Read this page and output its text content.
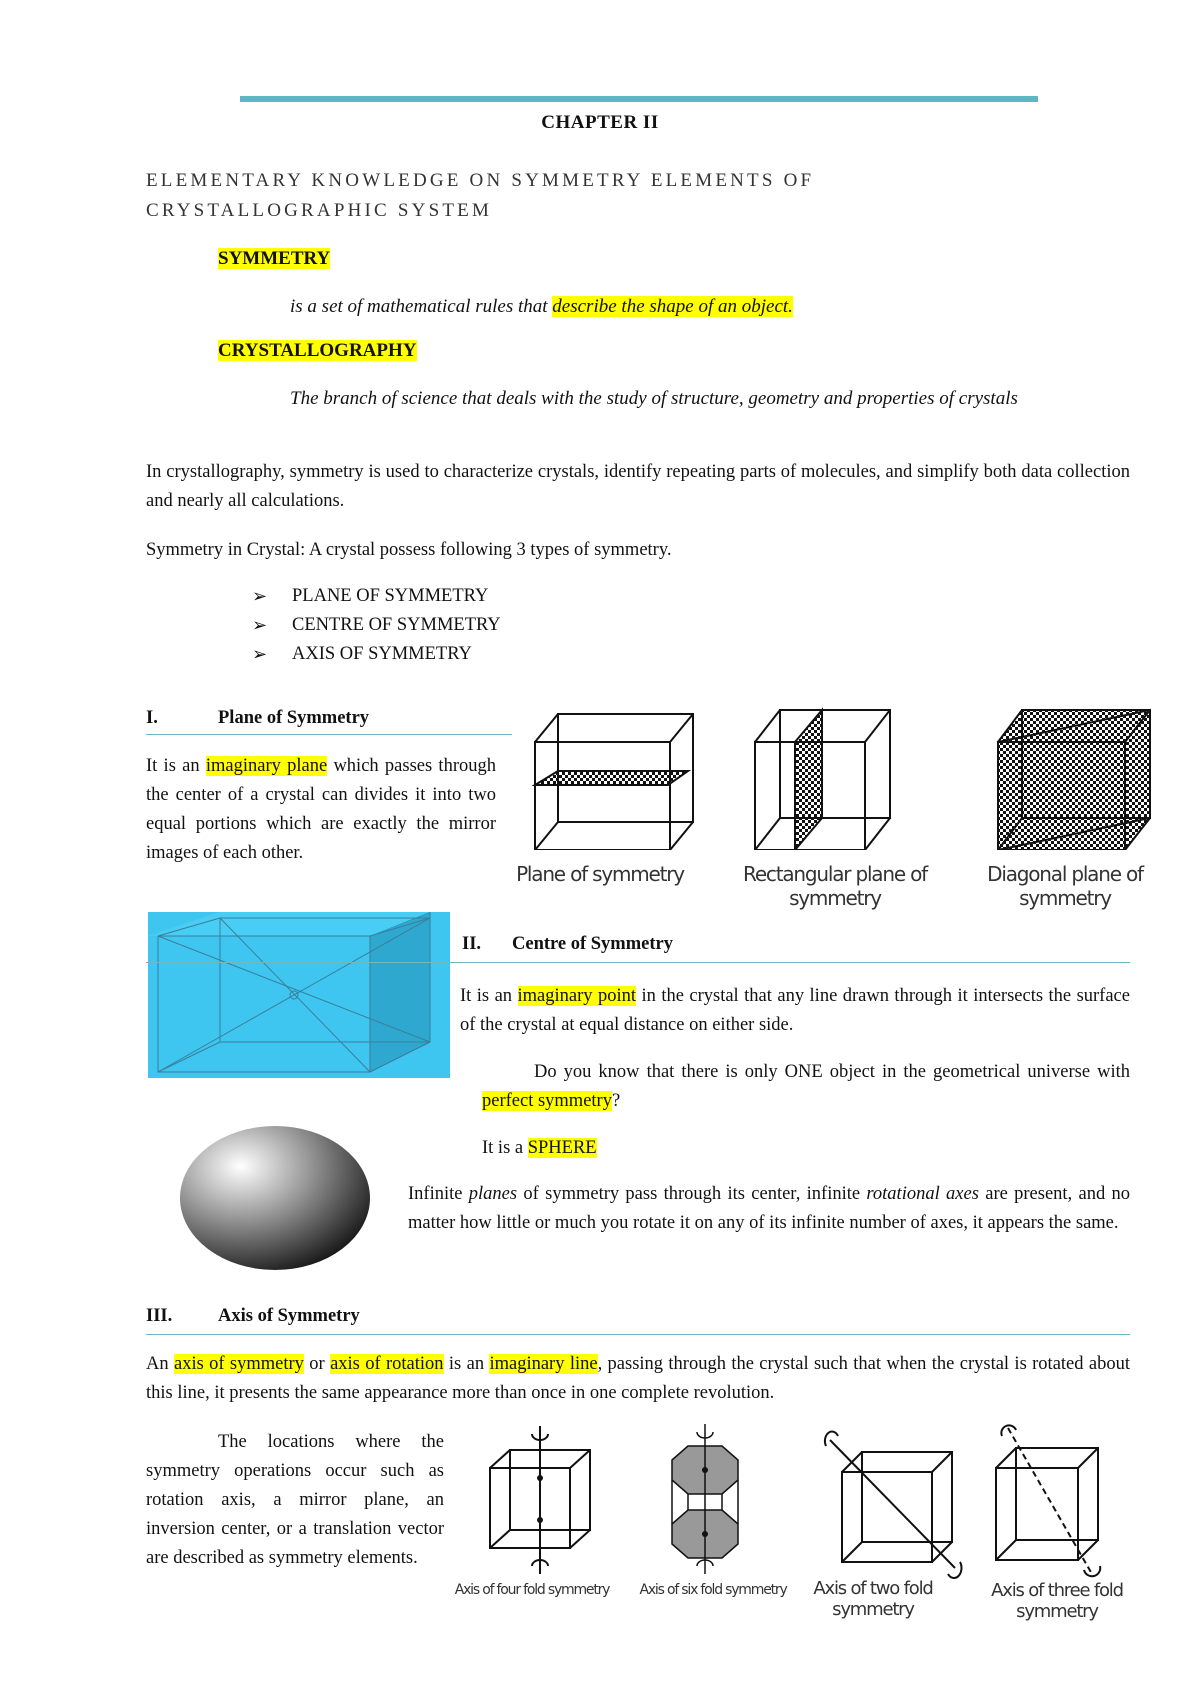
CHAPTER II
ELEMENTARY KNOWLEDGE ON SYMMETRY ELEMENTS OF CRYSTALLOGRAPHIC SYSTEM
SYMMETRY
is a set of mathematical rules that describe the shape of an object.
CRYSTALLOGRAPHY
The branch of science that deals with the study of structure, geometry and properties of crystals
In crystallography, symmetry is used to characterize crystals, identify repeating parts of molecules, and simplify both data collection and nearly all calculations.
Symmetry in Crystal: A crystal possess following 3 types of symmetry.
➢	PLANE OF SYMMETRY
➢	CENTRE OF SYMMETRY
➢	AXIS OF SYMMETRY
I.	Plane of Symmetry
It is an imaginary plane which passes through the center of a crystal can divides it into two equal portions which are exactly the mirror images of each other.
Plane of symmetry	Rectangular plane of symmetry
Diagonal plane of symmetry
II. Centre of Symmetry
It is an imaginary point in the crystal that any line drawn through it intersects the surface of the crystal at equal distance on either side.
Do you know that there is only ONE object in the geometrical universe with perfect symmetry?
It is a SPHERE
Infinite planes of symmetry pass through its center, infinite rotational axes are present, and no matter how little or much you rotate it on any of its infinite number of axes, it appears the same.
III. Axis of Symmetry
An axis of symmetry or axis of rotation is an imaginary line, passing through the crystal such that when the crystal is rotated about this line, it presents the same appearance more than once in one complete revolution.
The locations where the symmetry operations occur such as rotation axis, a mirror plane, an inversion center, or a translation vector are described as symmetry elements.
Axis of four fold symmetry Axis of six fold symmetry	Axis of two fold symmetry
Axis of three fold symmetry
